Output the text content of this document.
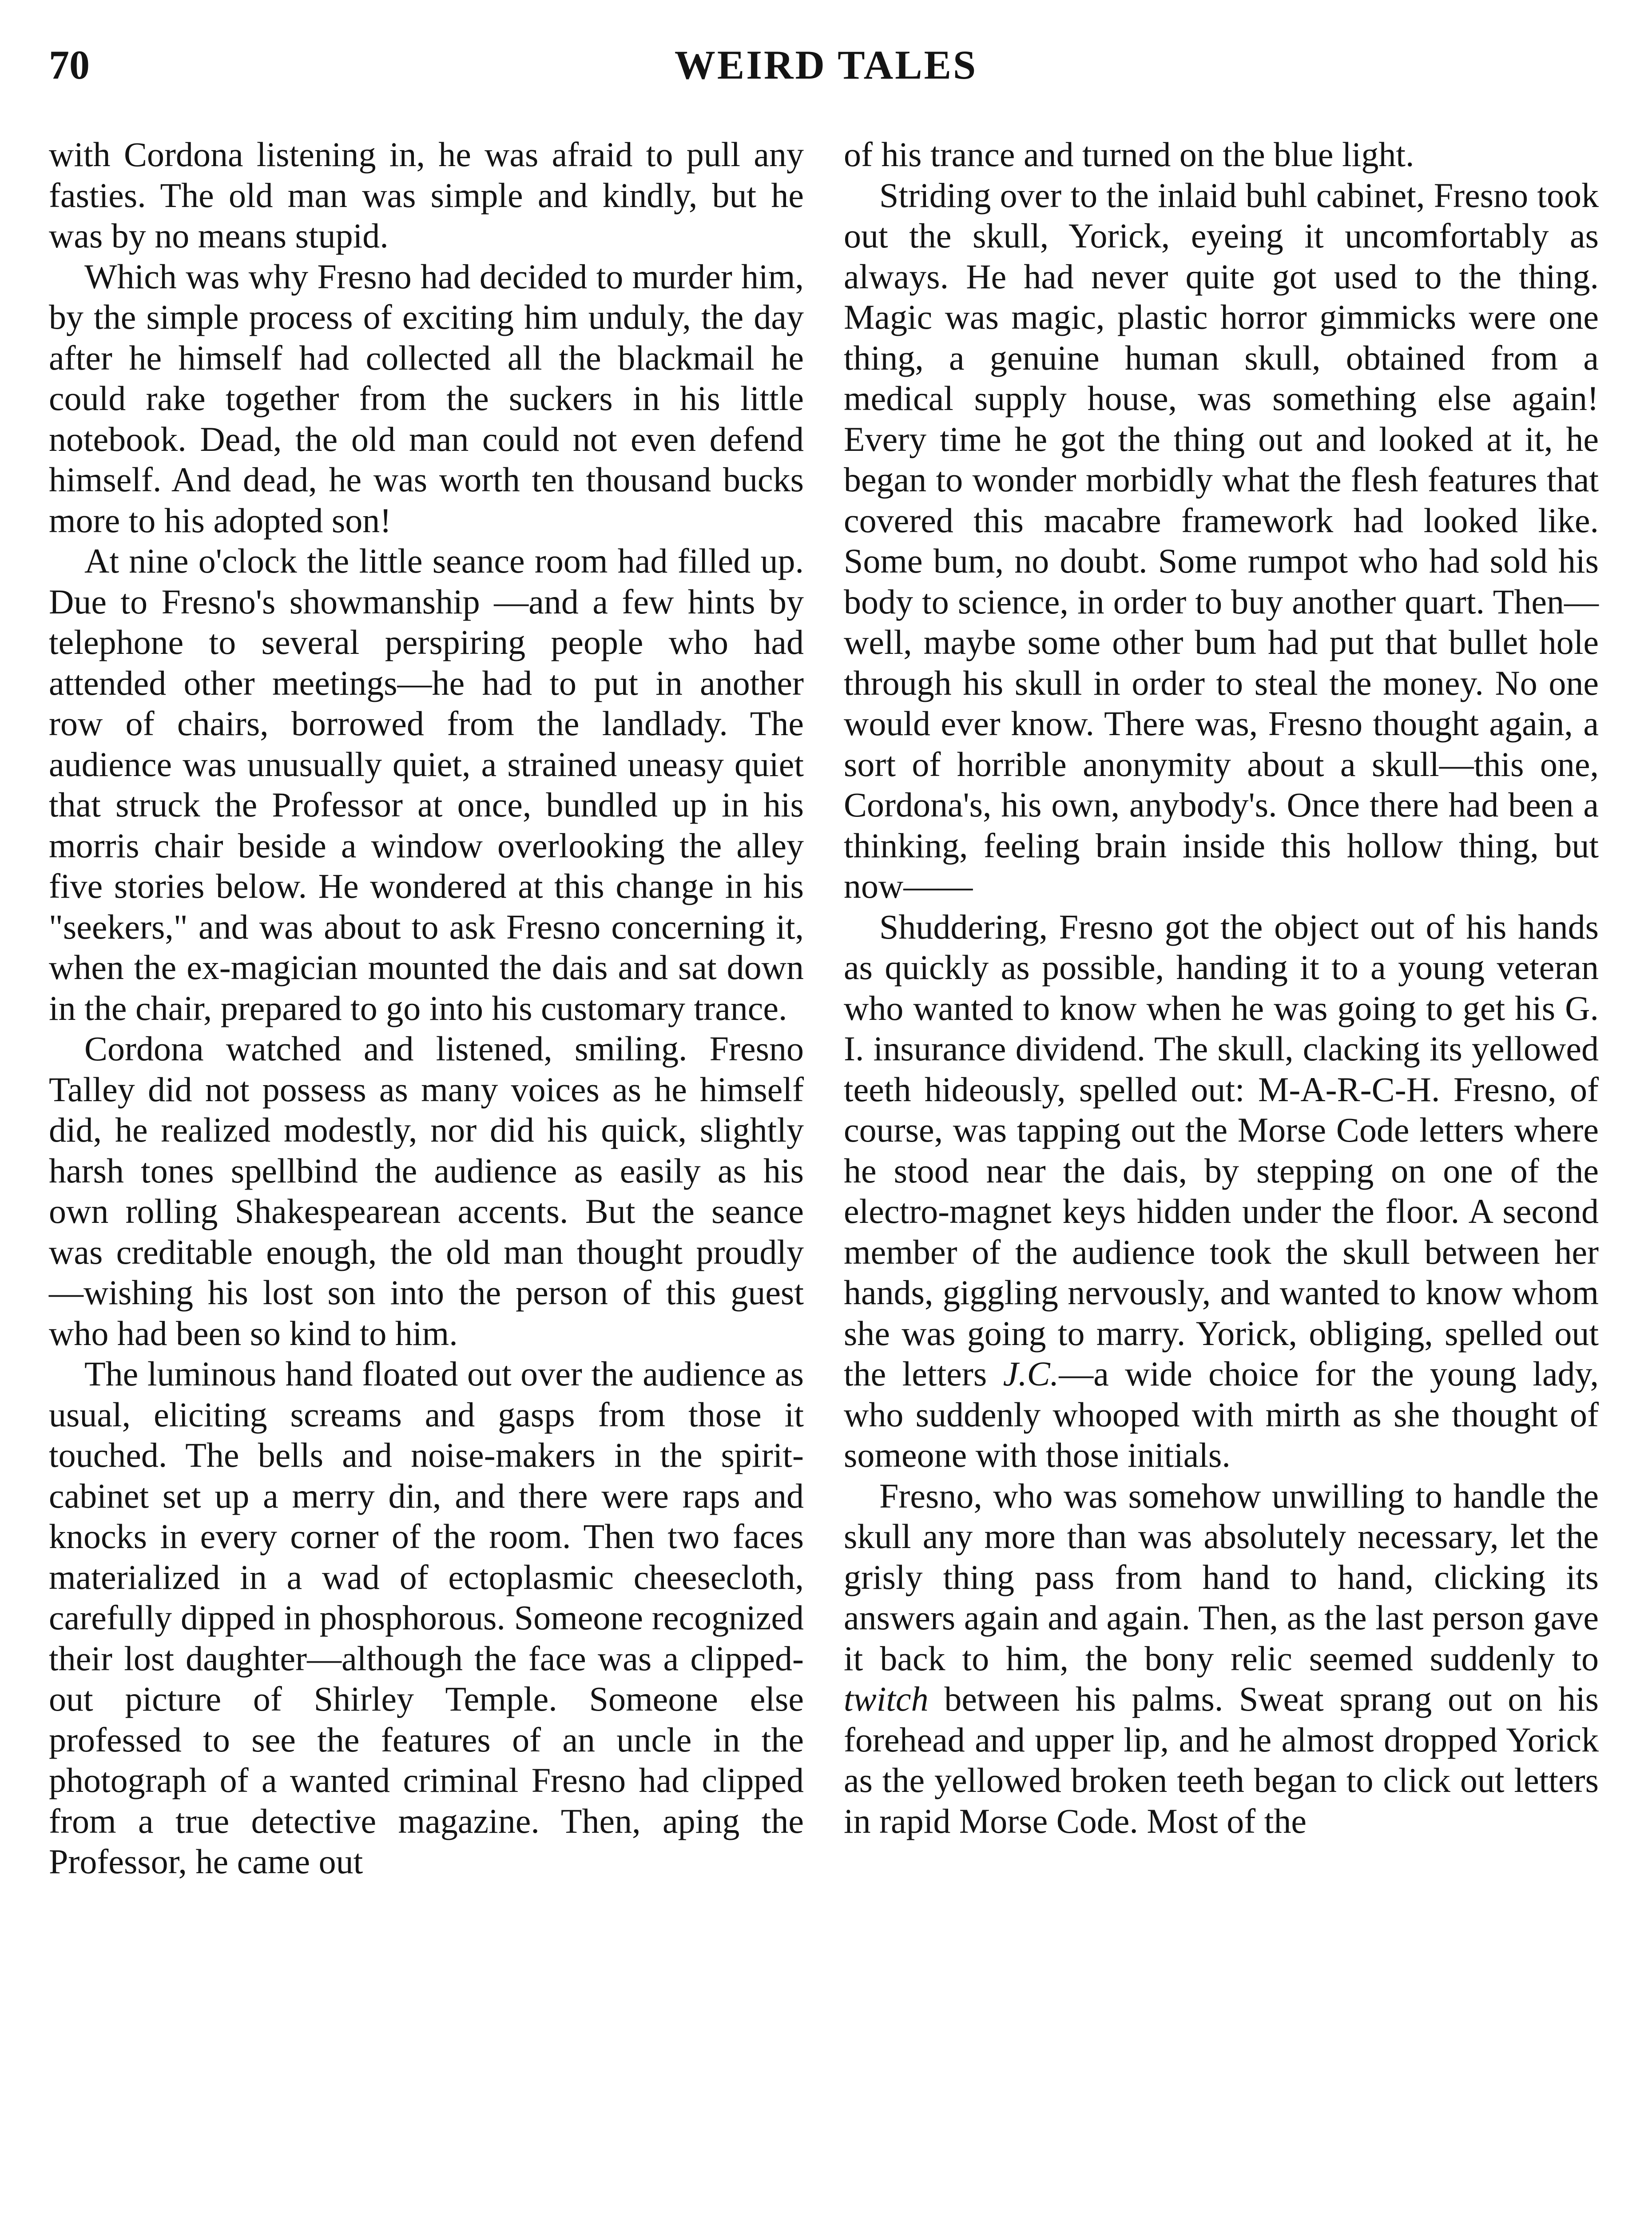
70	WEIRD TALES

with Cordona listening in, he was afraid to pull any fasties. The old man was simple and kindly, but he was by no means stupid.

Which was why Fresno had decided to murder him, by the simple process of exciting him unduly, the day after he himself had collected all the blackmail he could rake together from the suckers in his little notebook. Dead, the old man could not even defend himself. And dead, he was worth ten thousand bucks more to his adopted son!

At nine o'clock the little seance room had filled up. Due to Fresno's showmanship —and a few hints by telephone to several perspiring people who had attended other meetings—he had to put in another row of chairs, borrowed from the landlady. The audience was unusually quiet, a strained uneasy quiet that struck the Professor at once, bundled up in his morris chair beside a window overlooking the alley five stories below. He wondered at this change in his "seekers," and was about to ask Fresno concerning it, when the ex-magician mounted the dais and sat down in the chair, prepared to go into his customary trance.

Cordona watched and listened, smiling. Fresno Talley did not possess as many voices as he himself did, he realized modestly, nor did his quick, slightly harsh tones spellbind the audience as easily as his own rolling Shakespearean accents. But the seance was creditable enough, the old man thought proudly—wishing his lost son into the person of this guest who had been so kind to him.

The luminous hand floated out over the audience as usual, eliciting screams and gasps from those it touched. The bells and noise-makers in the spirit-cabinet set up a merry din, and there were raps and knocks in every corner of the room. Then two faces materialized in a wad of ectoplasmic cheesecloth, carefully dipped in phosphorous. Someone recognized their lost daughter—although the face was a clipped-out picture of Shirley Temple. Someone else professed to see the features of an uncle in the photograph of a wanted criminal Fresno had clipped from a true detective magazine. Then, aping the Professor, he came out

of his trance and turned on the blue light.

Striding over to the inlaid buhl cabinet, Fresno took out the skull, Yorick, eyeing it uncomfortably as always. He had never quite got used to the thing. Magic was magic, plastic horror gimmicks were one thing, a genuine human skull, obtained from a medical supply house, was something else again! Every time he got the thing out and looked at it, he began to wonder morbidly what the flesh features that covered this macabre framework had looked like. Some bum, no doubt. Some rumpot who had sold his body to science, in order to buy another quart. Then—well, maybe some other bum had put that bullet hole through his skull in order to steal the money. No one would ever know. There was, Fresno thought again, a sort of horrible anonymity about a skull—this one, Cordona's, his own, anybody's. Once there had been a thinking, feeling brain inside this hollow thing, but now——

Shuddering, Fresno got the object out of his hands as quickly as possible, handing it to a young veteran who wanted to know when he was going to get his G. I. insurance dividend. The skull, clacking its yellowed teeth hideously, spelled out: M-A-R-C-H. Fresno, of course, was tapping out the Morse Code letters where he stood near the dais, by stepping on one of the electro-magnet keys hidden under the floor. A second member of the audience took the skull between her hands, giggling nervously, and wanted to know whom she was going to marry. Yorick, obliging, spelled out the letters J.C.—a wide choice for the young lady, who suddenly whooped with mirth as she thought of someone with those initials.

Fresno, who was somehow unwilling to handle the skull any more than was absolutely necessary, let the grisly thing pass from hand to hand, clicking its answers again and again. Then, as the last person gave it back to him, the bony relic seemed suddenly to twitch between his palms. Sweat sprang out on his forehead and upper lip, and he almost dropped Yorick as the yellowed broken teeth began to click out letters in rapid Morse Code. Most of the
